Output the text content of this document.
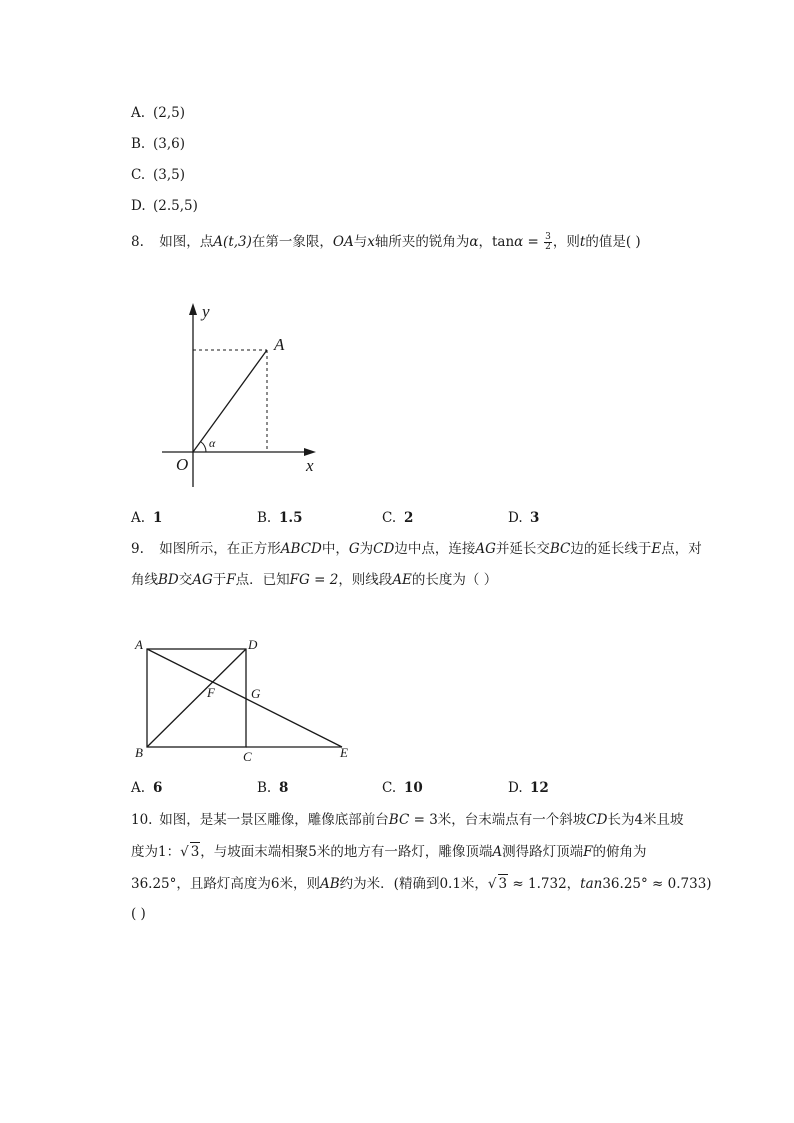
A. (2,5)
B. (3,6)
C. (3,5)
D. (2.5,5)
8. 如图，点A(t,3)在第一象限，OA与x轴所夹的锐角为α，$\tan\alpha = \frac{3}{2}$ ，则t的值是( )
y
x
O
A
α
A. 1	B. 1.5	C. 2	D. 3
9. 如图所示，在正方形ABCD中，G为CD边中点，连接AG并延长交BC边的延长线于E点，对
角线BD交AG于F点．已知FG = 2，则线段AE的长度为（ ）
A	D
B	C	E
F	G
A. 6	B. 8	C. 10	D. 12
10. 如图，是某一景区雕像，雕像底部前台BC = 3米，台末端点有一个斜坡CD长为4米且坡
度为1：√ 3，与坡面末端相聚5米的地方有一路灯，雕像顶端A测得路灯顶端F的俯角为
36.25°，且路灯高度为6米，则AB约为米．(精确到0.1米，√ 3 ≈ 1.732，tan36.25° ≈ 0.733)
( )
